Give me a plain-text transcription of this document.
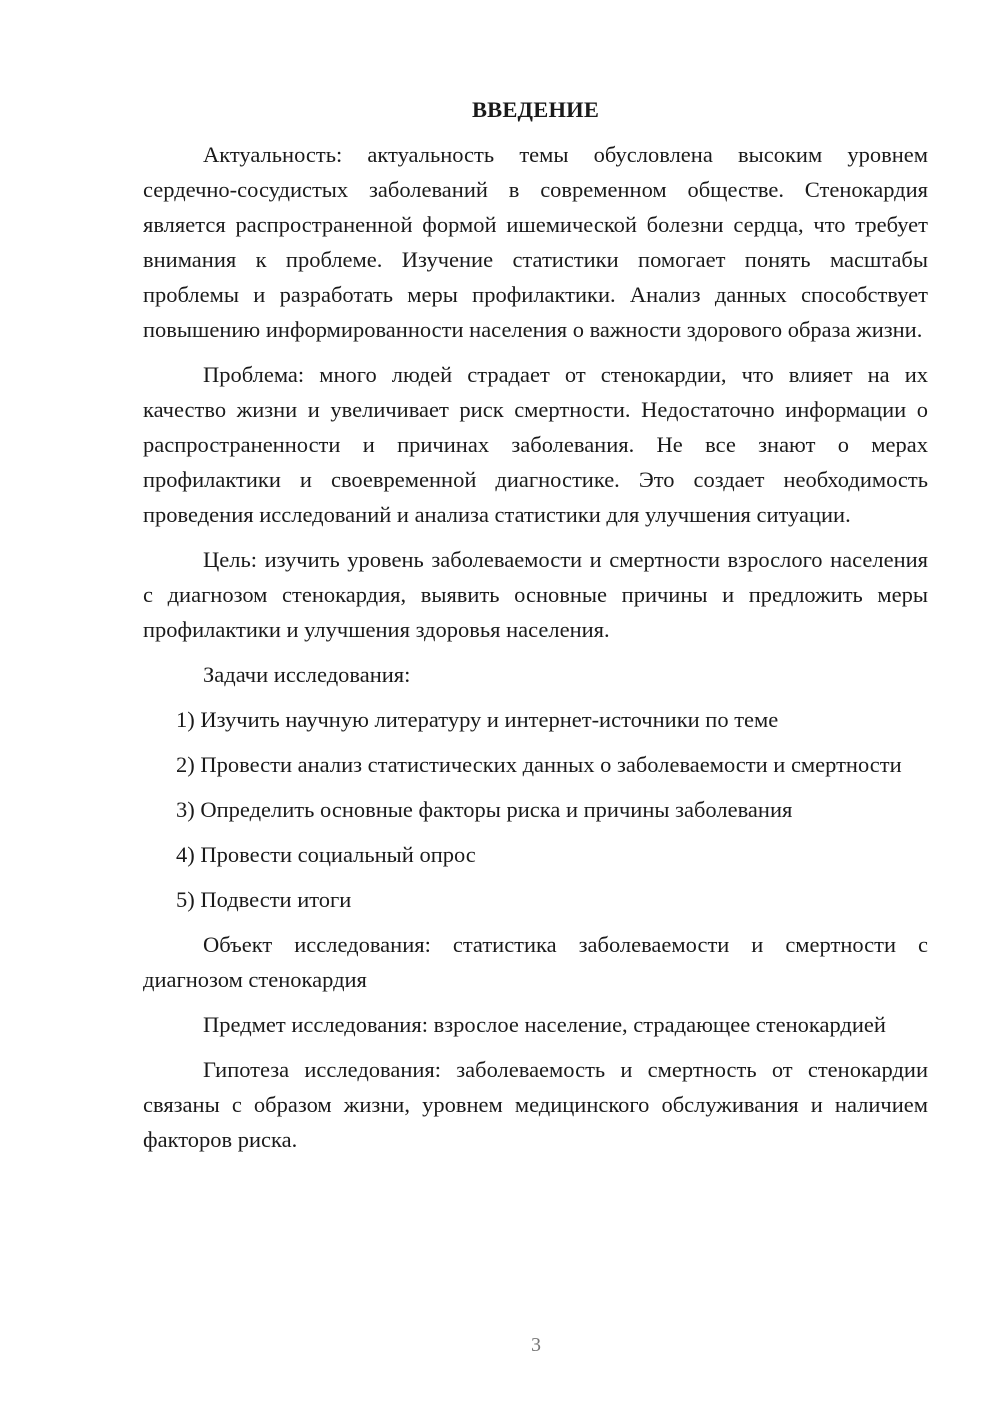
ВВЕДЕНИЕ

Актуальность: актуальность темы обусловлена высоким уровнем сердечно-сосудистых заболеваний в современном обществе. Стенокардия является распространенной формой ишемической болезни сердца, что требует внимания к проблеме. Изучение статистики помогает понять масштабы проблемы и разработать меры профилактики. Анализ данных способствует повышению информированности населения о важности здорового образа жизни.

Проблема: много людей страдает от стенокардии, что влияет на их качество жизни и увеличивает риск смертности. Недостаточно информации о распространенности и причинах заболевания. Не все знают о мерах профилактики и своевременной диагностике. Это создает необходимость проведения исследований и анализа статистики для улучшения ситуации.

Цель: изучить уровень заболеваемости и смертности взрослого населения с диагнозом стенокардия, выявить основные причины и предложить меры профилактики и улучшения здоровья населения.

Задачи исследования:

1) Изучить научную литературу и интернет-источники по теме

2) Провести анализ статистических данных о заболеваемости и смертности

3) Определить основные факторы риска и причины заболевания

4) Провести социальный опрос

5) Подвести итоги

Объект исследования: статистика заболеваемости и смертности с диагнозом стенокардия

Предмет исследования: взрослое население, страдающее стенокардией

Гипотеза исследования: заболеваемость и смертность от стенокардии связаны с образом жизни, уровнем медицинского обслуживания и наличием факторов риска.

3
